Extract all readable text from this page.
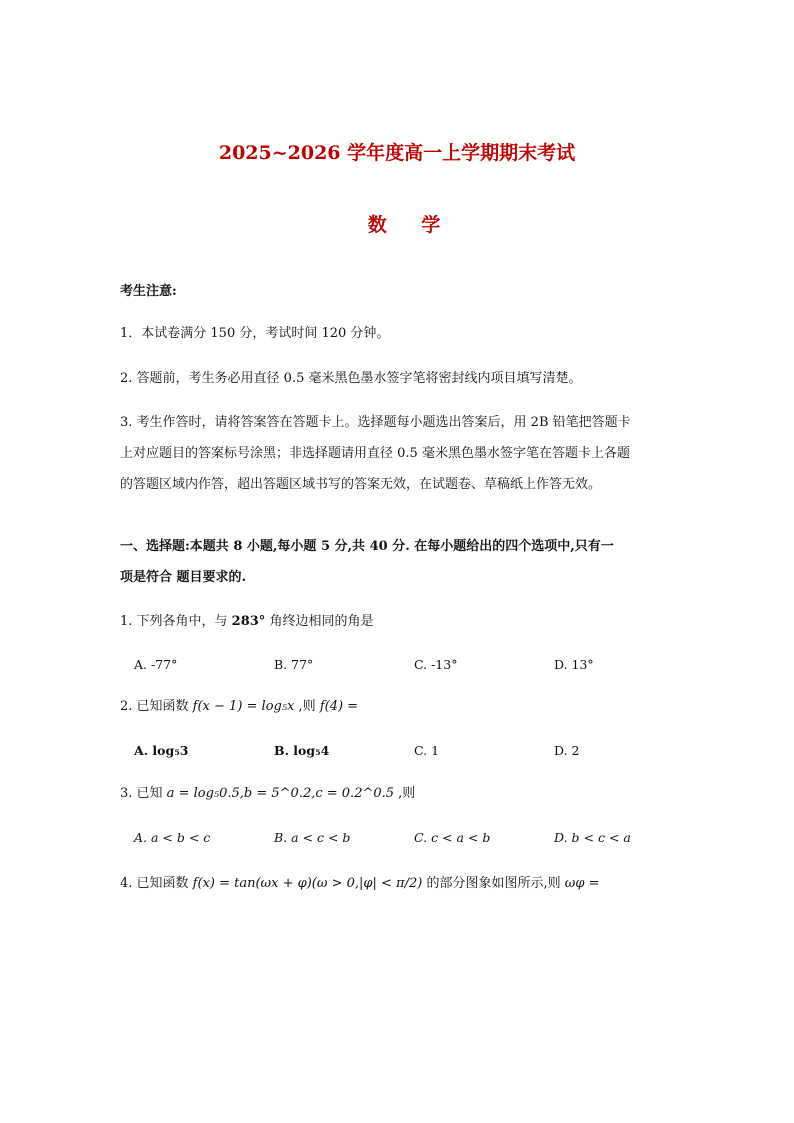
2025~2026 学年度高一上学期期末考试
数 学
考生注意:
1．本试卷满分 150 分，考试时间 120 分钟。
2. 答题前，考生务必用直径 0.5 毫米黑色墨水签字笔将密封线内项目填写清楚。
3. 考生作答时，请将答案答在答题卡上。选择题每小题选出答案后，用 2B 铅笔把答题卡
上对应题目的答案标号涂黑；非选择题请用直径 0.5 毫米黑色墨水签字笔在答题卡上各题
的答题区域内作答，超出答题区域书写的答案无效，在试题卷、草稿纸上作答无效。
一、选择题:本题共 8 小题,每小题 5 分,共 40 分. 在每小题给出的四个选项中,只有一
项是符合 题目要求的.
1. 下列各角中，与 283° 角终边相同的角是
A. -77°	B. 77°	C. -13°	D. 13°
2. 已知函数 f(x − 1) = log₅x ,则 f(4) =
A. log₅3	B. log₅4	C. 1	D. 2
3. 已知 a = log₅0.5,b = 5^0.2,c = 0.2^0.5 ,则
A. a < b < c	B. a < c < b	C. c < a < b	D. b < c < a
4. 已知函数 f(x) = tan(ωx + φ)(ω > 0,|φ| < π/2) 的部分图象如图所示,则 ωφ =
